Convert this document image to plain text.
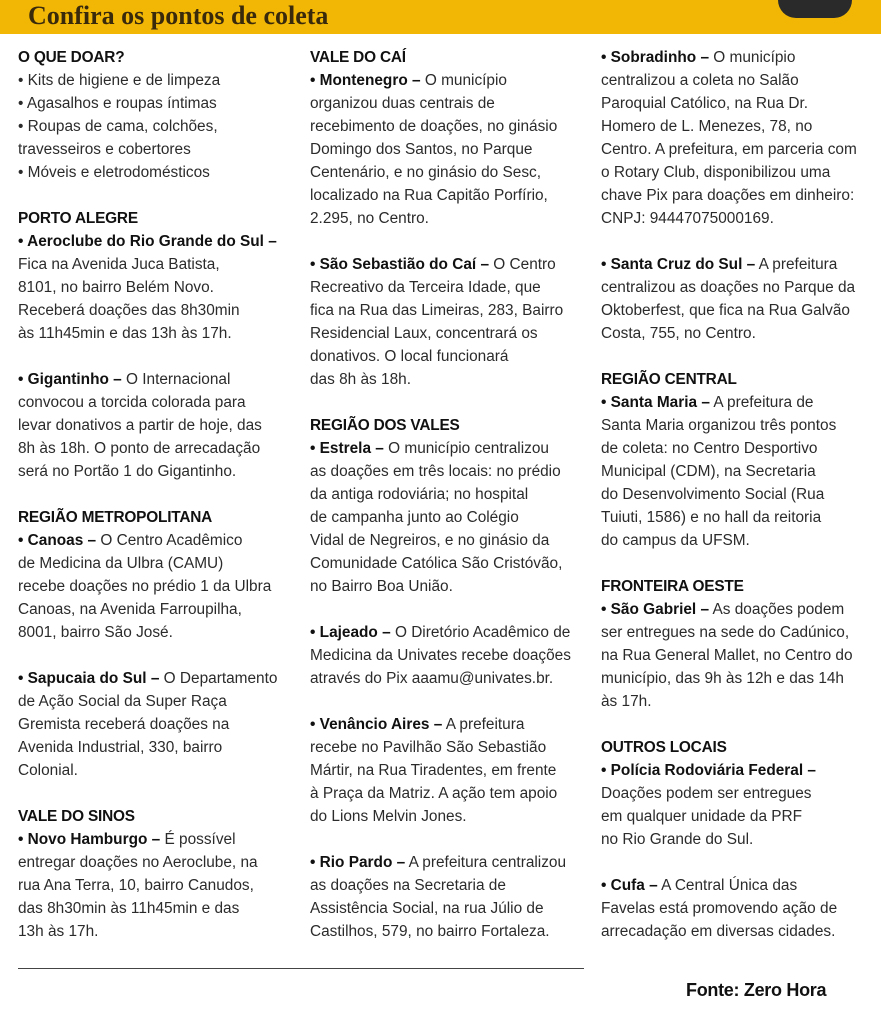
Confira os pontos de coleta
O QUE DOAR?
• Kits de higiene e de limpeza
• Agasalhos e roupas íntimas
• Roupas de cama, colchões,
travesseiros e cobertores
• Móveis e eletrodomésticos
PORTO ALEGRE
• Aeroclube do Rio Grande do Sul –
Fica na Avenida Juca Batista,
8101, no bairro Belém Novo.
Receberá doações das 8h30min
às 11h45min e das 13h às 17h.
• Gigantinho – O Internacional
convocou a torcida colorada para
levar donativos a partir de hoje, das
8h às 18h. O ponto de arrecadação
será no Portão 1 do Gigantinho.
REGIÃO METROPOLITANA
• Canoas – O Centro Acadêmico
de Medicina da Ulbra (CAMU)
recebe doações no prédio 1 da Ulbra
Canoas, na Avenida Farroupilha,
8001, bairro São José.
• Sapucaia do Sul – O Departamento
de Ação Social da Super Raça
Gremista receberá doações na
Avenida Industrial, 330, bairro
Colonial.
VALE DO SINOS
• Novo Hamburgo – É possível
entregar doações no Aeroclube, na
rua Ana Terra, 10, bairro Canudos,
das 8h30min às 11h45min e das
13h às 17h.
VALE DO CAÍ
• Montenegro – O município
organizou duas centrais de
recebimento de doações, no ginásio
Domingo dos Santos, no Parque
Centenário, e no ginásio do Sesc,
localizado na Rua Capitão Porfírio,
2.295, no Centro.
• São Sebastião do Caí – O Centro
Recreativo da Terceira Idade, que
fica na Rua das Limeiras, 283, Bairro
Residencial Laux, concentrará os
donativos. O local funcionará
das 8h às 18h.
REGIÃO DOS VALES
• Estrela – O município centralizou
as doações em três locais: no prédio
da antiga rodoviária; no hospital
de campanha junto ao Colégio
Vidal de Negreiros, e no ginásio da
Comunidade Católica São Cristóvão,
no Bairro Boa União.
• Lajeado – O Diretório Acadêmico de
Medicina da Univates recebe doações
através do Pix aaamu@univates.br.
• Venâncio Aires – A prefeitura
recebe no Pavilhão São Sebastião
Mártir, na Rua Tiradentes, em frente
à Praça da Matriz. A ação tem apoio
do Lions Melvin Jones.
• Rio Pardo – A prefeitura centralizou
as doações na Secretaria de
Assistência Social, na rua Júlio de
Castilhos, 579, no bairro Fortaleza.
• Sobradinho – O município
centralizou a coleta no Salão
Paroquial Católico, na Rua Dr.
Homero de L. Menezes, 78, no
Centro. A prefeitura, em parceria com
o Rotary Club, disponibilizou uma
chave Pix para doações em dinheiro:
CNPJ: 94447075000169.
• Santa Cruz do Sul – A prefeitura
centralizou as doações no Parque da
Oktoberfest, que fica na Rua Galvão
Costa, 755, no Centro.
REGIÃO CENTRAL
• Santa Maria – A prefeitura de
Santa Maria organizou três pontos
de coleta: no Centro Desportivo
Municipal (CDM), na Secretaria
do Desenvolvimento Social (Rua
Tuiuti, 1586) e no hall da reitoria
do campus da UFSM.
FRONTEIRA OESTE
• São Gabriel – As doações podem
ser entregues na sede do Cadúnico,
na Rua General Mallet, no Centro do
município, das 9h às 12h e das 14h
às 17h.
OUTROS LOCAIS
• Polícia Rodoviária Federal –
Doações podem ser entregues
em qualquer unidade da PRF
no Rio Grande do Sul.
• Cufa – A Central Única das
Favelas está promovendo ação de
arrecadação em diversas cidades.
Fonte: Zero Hora
